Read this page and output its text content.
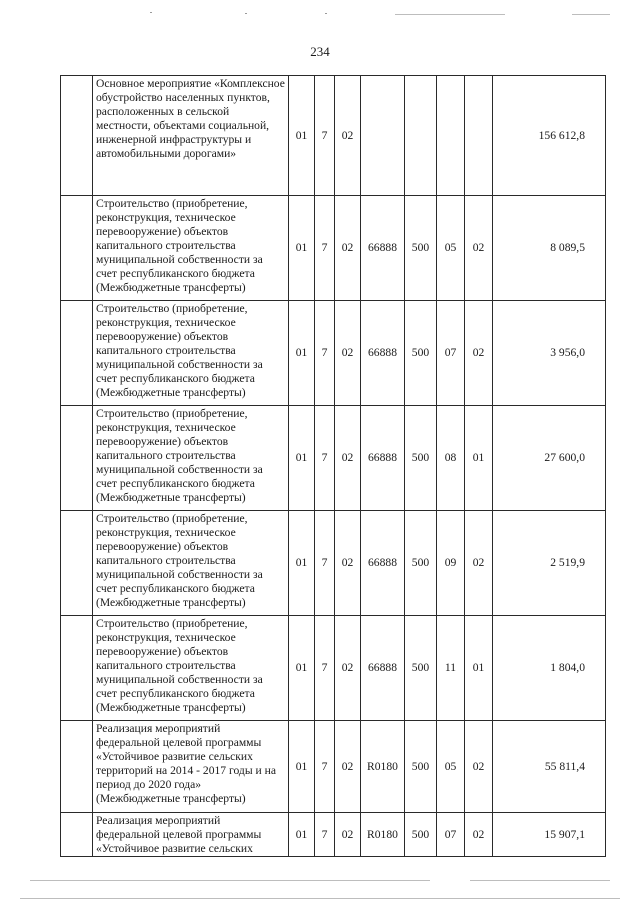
234
	Основное мероприятие «Комплексное обустройство населенных пунктов, расположенных в сельской местности, объектами социальной, инженерной инфраструктуры и автомобильными дорогами»	01	7	02					156 612,8
	Строительство (приобретение, реконструкция, техническое перевооружение) объектов капитального строительства муниципальной собственности за счет республиканского бюджета (Межбюджетные трансферты)	01	7	02	66888	500	05	02	8 089,5
	Строительство (приобретение, реконструкция, техническое перевооружение) объектов капитального строительства муниципальной собственности за счет республиканского бюджета (Межбюджетные трансферты)	01	7	02	66888	500	07	02	3 956,0
	Строительство (приобретение, реконструкция, техническое перевооружение) объектов капитального строительства муниципальной собственности за счет республиканского бюджета (Межбюджетные трансферты)	01	7	02	66888	500	08	01	27 600,0
	Строительство (приобретение, реконструкция, техническое перевооружение) объектов капитального строительства муниципальной собственности за счет республиканского бюджета (Межбюджетные трансферты)	01	7	02	66888	500	09	02	2 519,9
	Строительство (приобретение, реконструкция, техническое перевооружение) объектов капитального строительства муниципальной собственности за счет республиканского бюджета (Межбюджетные трансферты)	01	7	02	66888	500	11	01	1 804,0
	Реализация мероприятий федеральной целевой программы «Устойчивое развитие сельских территорий на 2014 - 2017 годы и на период до 2020 года» (Межбюджетные трансферты)	01	7	02	R0180	500	05	02	55 811,4
	Реализация мероприятий федеральной целевой программы «Устойчивое развитие сельских	01	7	02	R0180	500	07	02	15 907,1
